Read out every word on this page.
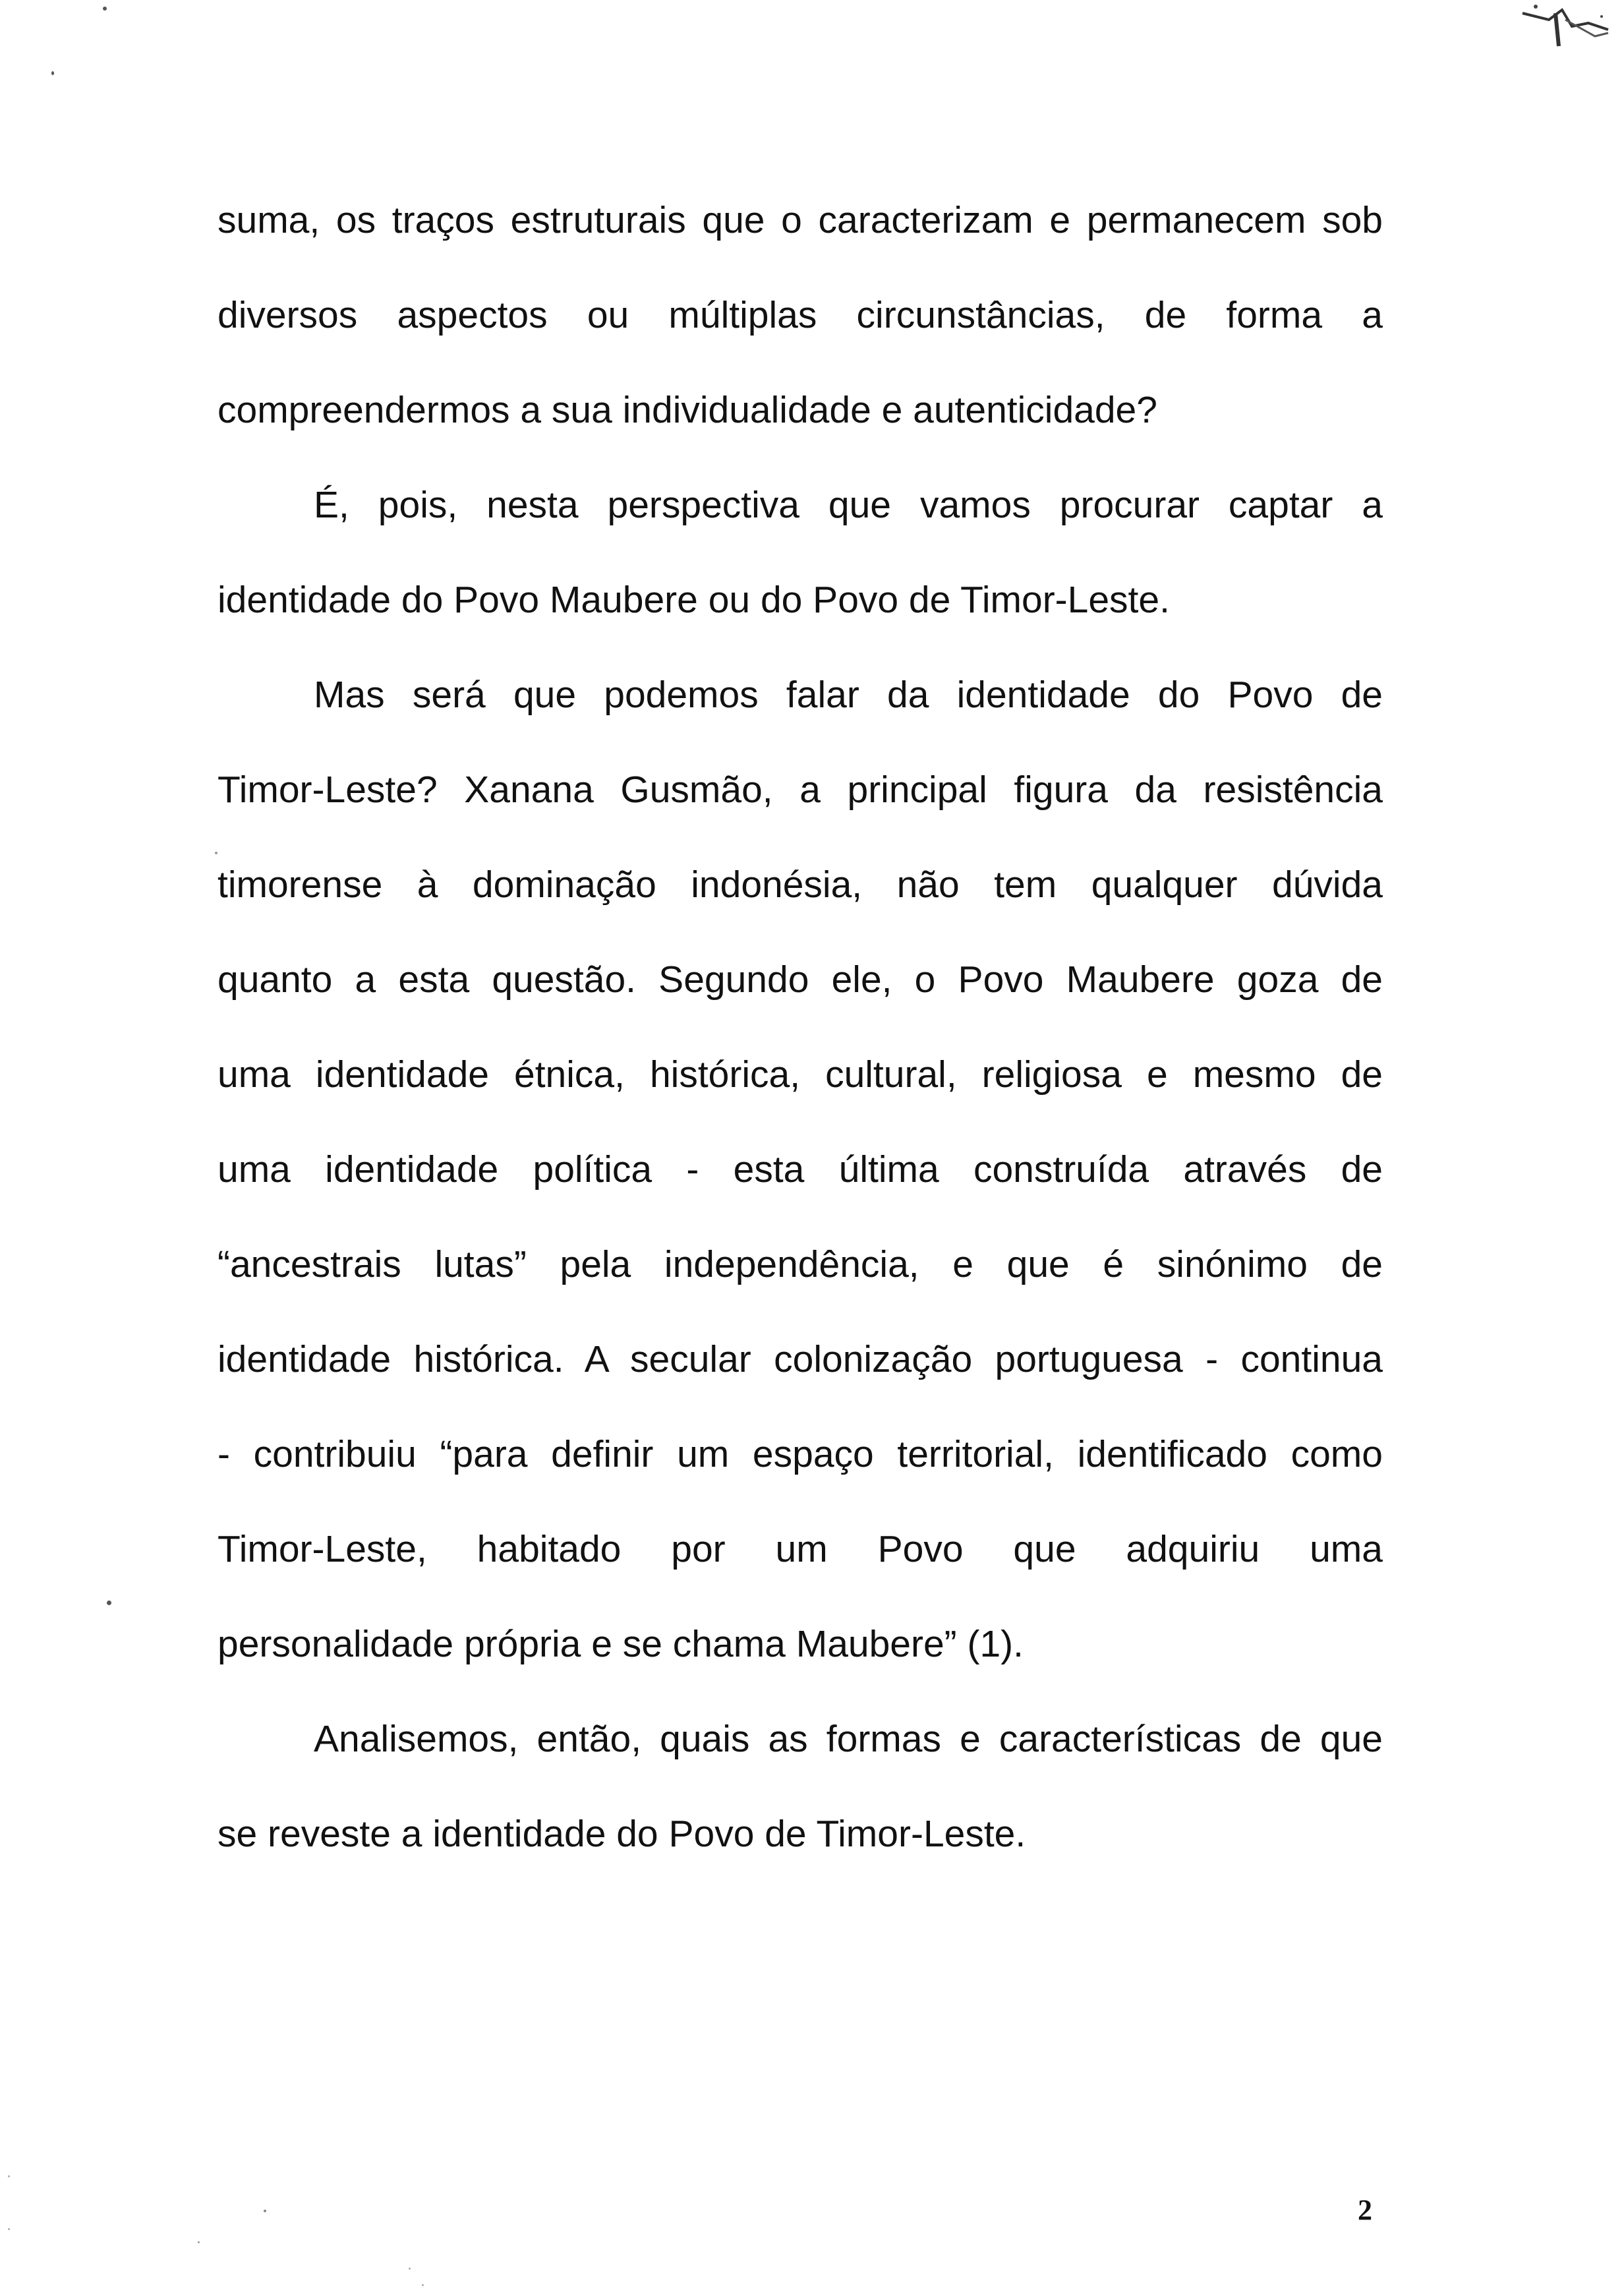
suma, os traços estruturais que o caracterizam e permanecem sob
diversos aspectos ou múltiplas circunstâncias, de forma a
compreendermos a sua individualidade e autenticidade?
É, pois, nesta perspectiva que vamos procurar captar a
identidade do Povo Maubere ou do Povo de Timor-Leste.
Mas será que podemos falar da identidade do Povo de
Timor-Leste? Xanana Gusmão, a principal figura da resistência
timorense à dominação indonésia, não tem qualquer dúvida
quanto a esta questão. Segundo ele, o Povo Maubere goza de
uma identidade étnica, histórica, cultural, religiosa e mesmo de
uma identidade política - esta última construída através de
“ancestrais lutas” pela independência, e que é sinónimo de
identidade histórica. A secular colonização portuguesa - continua
- contribuiu “para definir um espaço territorial, identificado como
Timor-Leste, habitado por um Povo que adquiriu uma
personalidade própria e se chama Maubere” (1).
Analisemos, então, quais as formas e características de que
se reveste a identidade do Povo de Timor-Leste.
2
